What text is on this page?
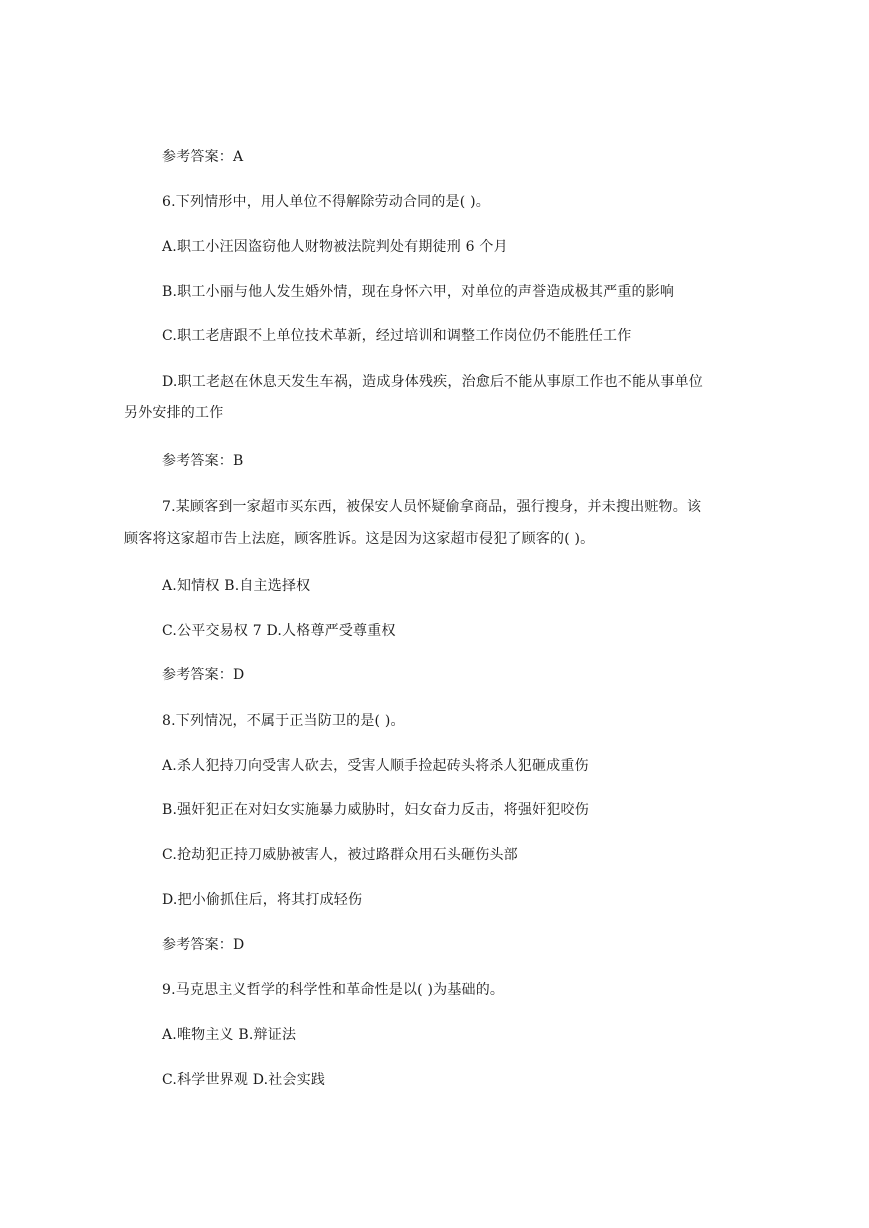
参考答案：A
6.下列情形中，用人单位不得解除劳动合同的是( )。
A.职工小汪因盗窃他人财物被法院判处有期徒刑 6 个月
B.职工小丽与他人发生婚外情，现在身怀六甲，对单位的声誉造成极其严重的影响
C.职工老唐跟不上单位技术革新，经过培训和调整工作岗位仍不能胜任工作
D.职工老赵在休息天发生车祸，造成身体残疾，治愈后不能从事原工作也不能从事单位
另外安排的工作
参考答案：B
7.某顾客到一家超市买东西，被保安人员怀疑偷拿商品，强行搜身，并未搜出赃物。该
顾客将这家超市告上法庭，顾客胜诉。这是因为这家超市侵犯了顾客的( )。
A.知情权 B.自主选择权
C.公平交易权 7 D.人格尊严受尊重权
参考答案：D
8.下列情况，不属于正当防卫的是( )。
A.杀人犯持刀向受害人砍去，受害人顺手捡起砖头将杀人犯砸成重伤
B.强奸犯正在对妇女实施暴力威胁时，妇女奋力反击，将强奸犯咬伤
C.抢劫犯正持刀威胁被害人，被过路群众用石头砸伤头部
D.把小偷抓住后，将其打成轻伤
参考答案：D
9.马克思主义哲学的科学性和革命性是以( )为基础的。
A.唯物主义 B.辩证法
C.科学世界观 D.社会实践
